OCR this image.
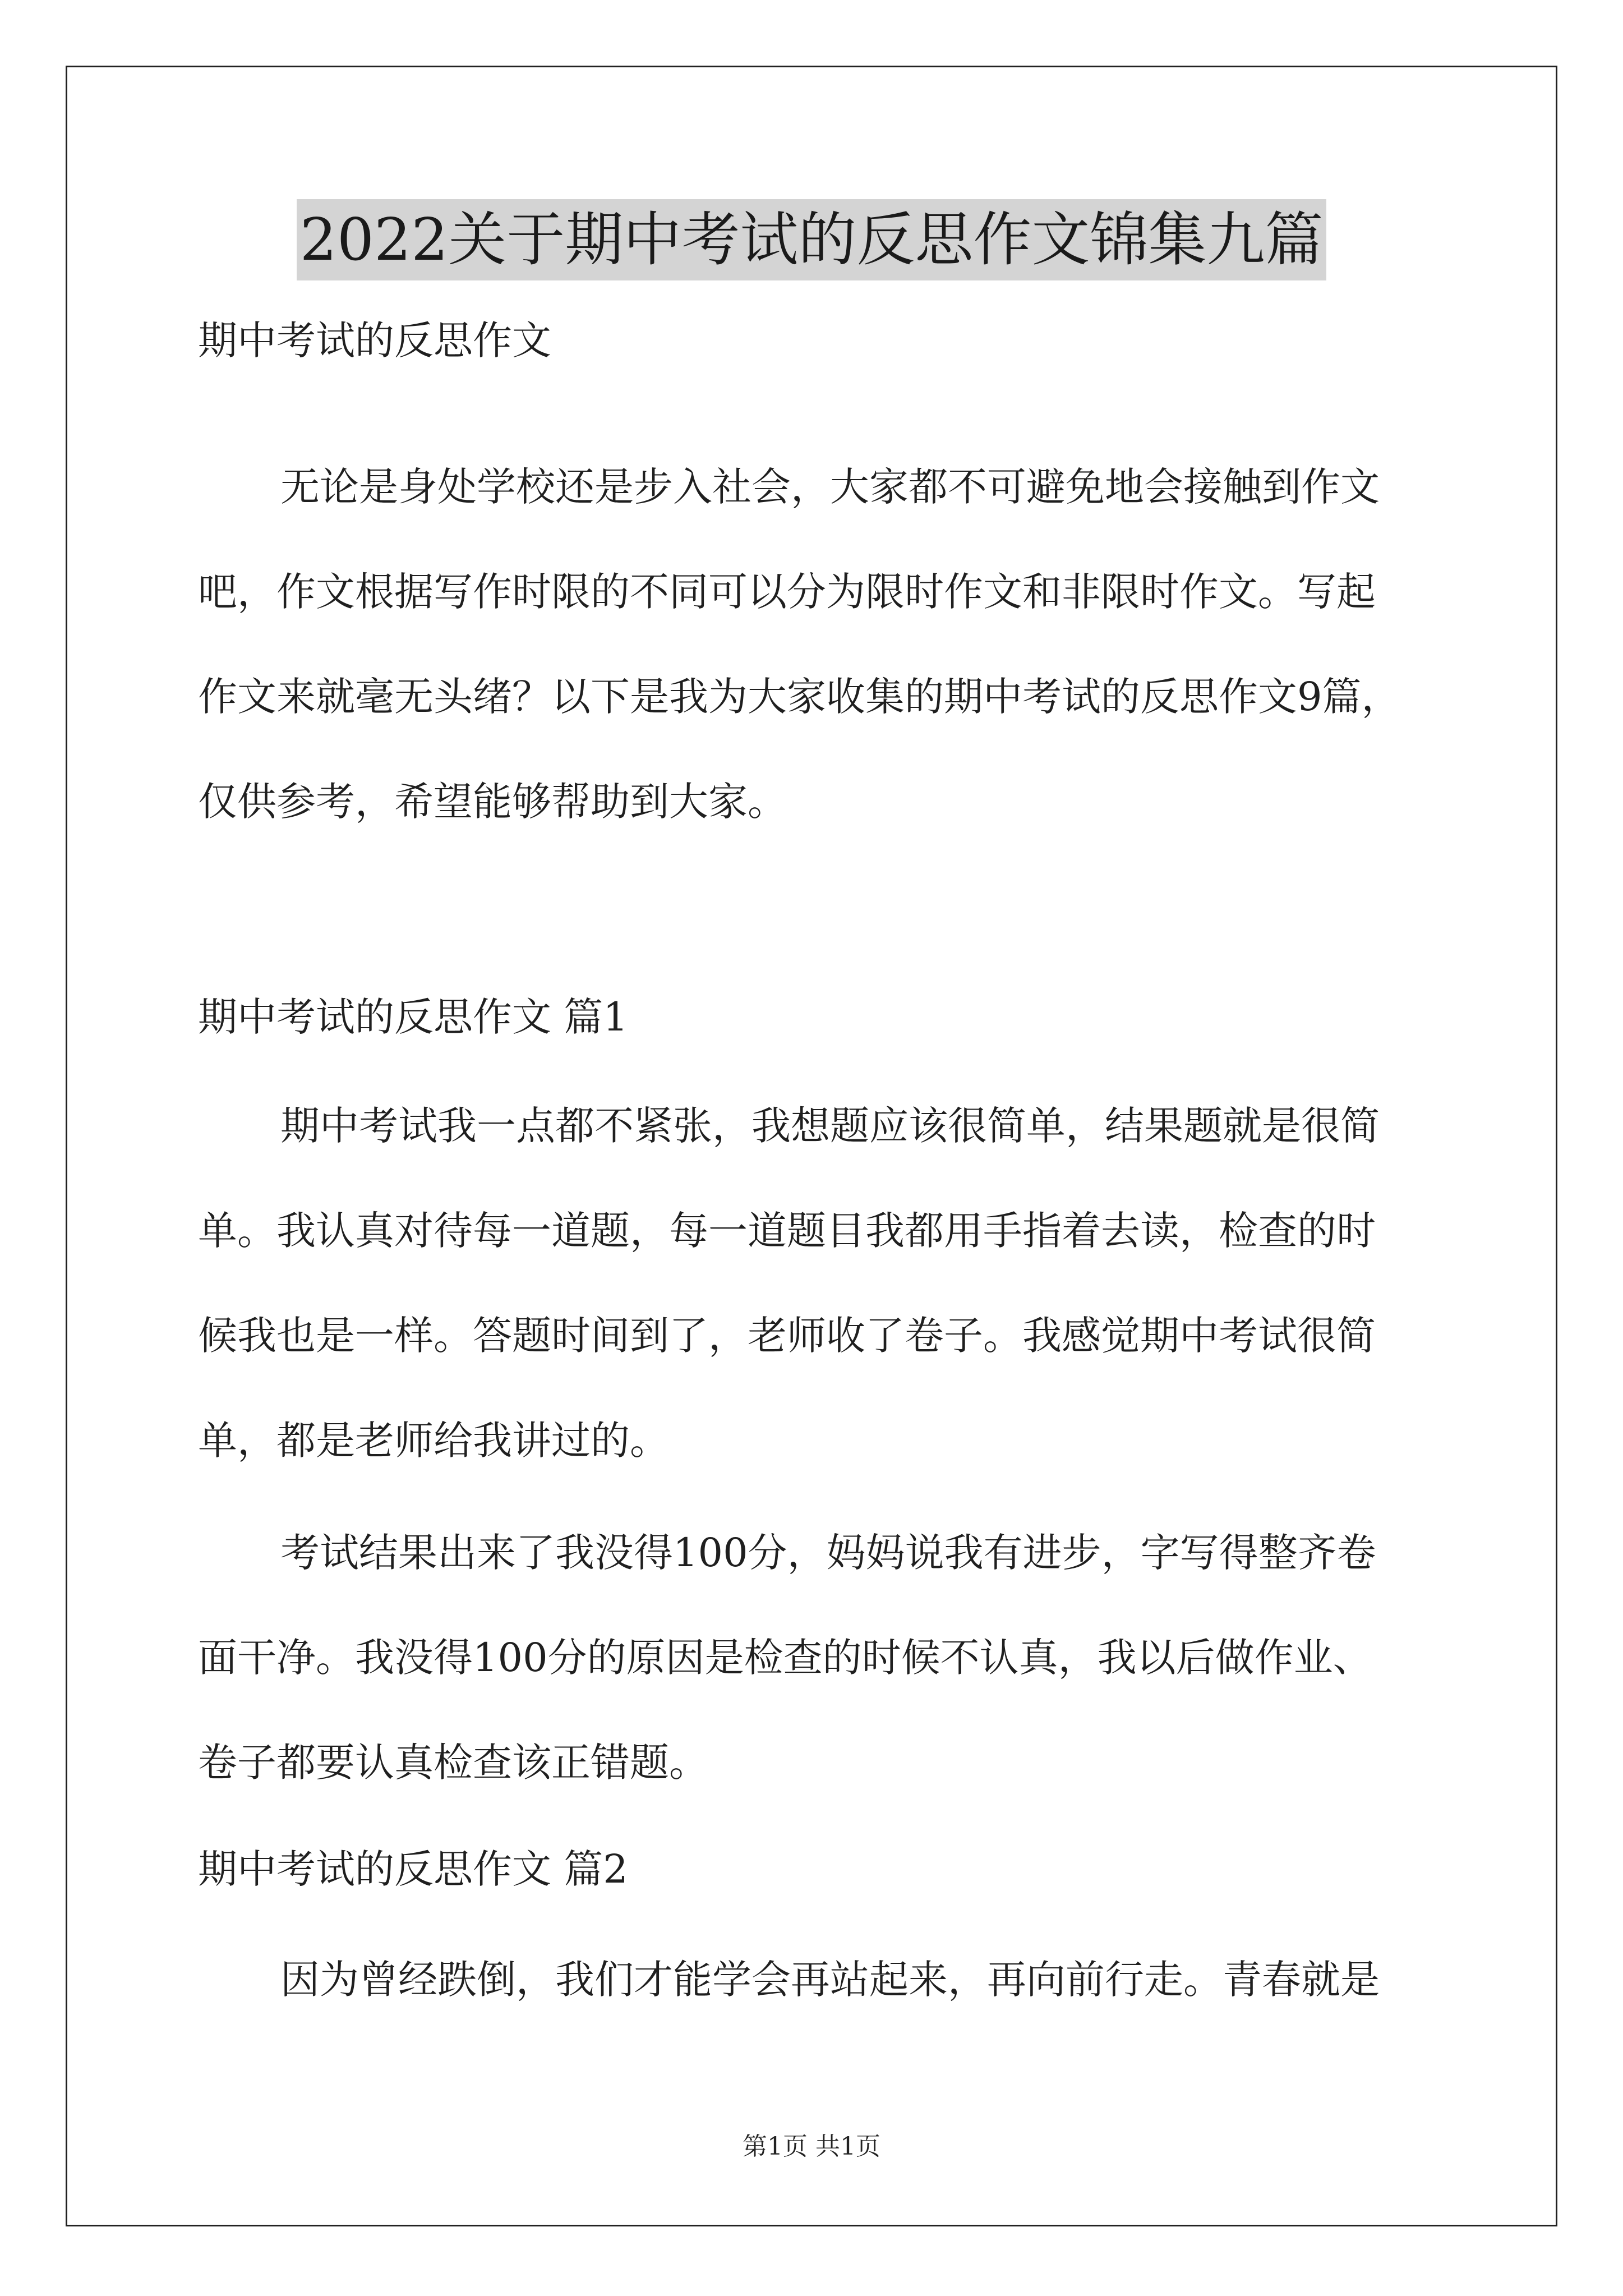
2022关于期中考试的反思作文锦集九篇
期中考试的反思作文
无论是身处学校还是步入社会，大家都不可避免地会接触到作文
吧，作文根据写作时限的不同可以分为限时作文和非限时作文。写起
作文来就毫无头绪？以下是我为大家收集的期中考试的反思作文9篇，
仅供参考，希望能够帮助到大家。
期中考试的反思作文 篇1
期中考试我一点都不紧张，我想题应该很简单，结果题就是很简
单。我认真对待每一道题，每一道题目我都用手指着去读，检查的时
候我也是一样。答题时间到了，老师收了卷子。我感觉期中考试很简
单，都是老师给我讲过的。
考试结果出来了我没得100分，妈妈说我有进步，字写得整齐卷
面干净。我没得100分的原因是检查的时候不认真，我以后做作业、
卷子都要认真检查该正错题。
期中考试的反思作文 篇2
因为曾经跌倒，我们才能学会再站起来，再向前行走。青春就是
第1页 共1页
